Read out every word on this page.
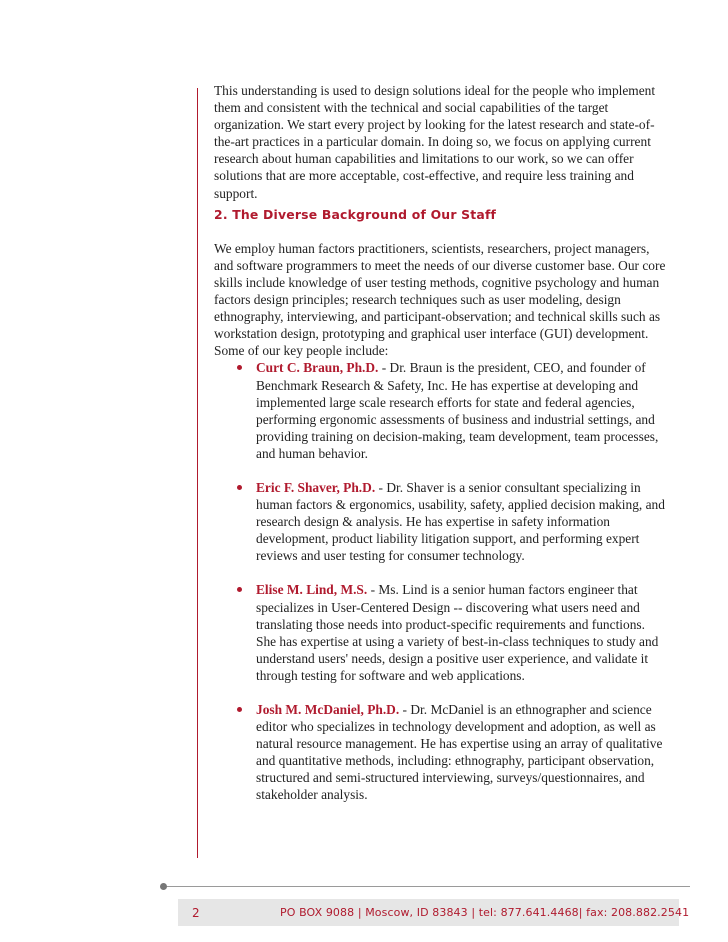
This understanding is used to design solutions ideal for the people who implement them and consistent with the technical and social capabilities of the target organization. We start every project by looking for the latest research and state-of-the-art practices in a particular domain. In doing so, we focus on applying current research about human capabilities and limitations to our work, so we can offer solutions that are more acceptable, cost-effective, and require less training and support.

2. The Diverse Background of Our Staff

We employ human factors practitioners, scientists, researchers, project managers, and software programmers to meet the needs of our diverse customer base. Our core skills include knowledge of user testing methods, cognitive psychology and human factors design principles; research techniques such as user modeling, design ethnography, interviewing, and participant-observation; and technical skills such as workstation design, prototyping and graphical user interface (GUI) development. Some of our key people include:

Curt C. Braun, Ph.D. - Dr. Braun is the president, CEO, and founder of Benchmark Research & Safety, Inc. He has expertise at developing and implemented large scale research efforts for state and federal agencies, performing ergonomic assessments of business and industrial settings, and providing training on decision-making, team development, team processes, and human behavior.
Eric F. Shaver, Ph.D. - Dr. Shaver is a senior consultant specializing in human factors & ergonomics, usability, safety, applied decision making, and research design & analysis. He has expertise in safety information development, product liability litigation support, and performing expert reviews and user testing for consumer technology.
Elise M. Lind, M.S. - Ms. Lind is a senior human factors engineer that specializes in User-Centered Design -- discovering what users need and translating those needs into product-specific requirements and functions. She has expertise at using a variety of best-in-class techniques to study and understand users' needs, design a positive user experience, and validate it through testing for software and web applications.
Josh M. McDaniel, Ph.D. - Dr. McDaniel is an ethnographer and science editor who specializes in technology development and adoption, as well as natural resource management. He has expertise using an array of qualitative and quantitative methods, including: ethnography, participant observation, structured and semi-structured interviewing, surveys/questionnaires, and stakeholder analysis.
2	PO BOX 9088 | Moscow, ID 83843 | tel: 877.641.4468| fax: 208.882.2541
